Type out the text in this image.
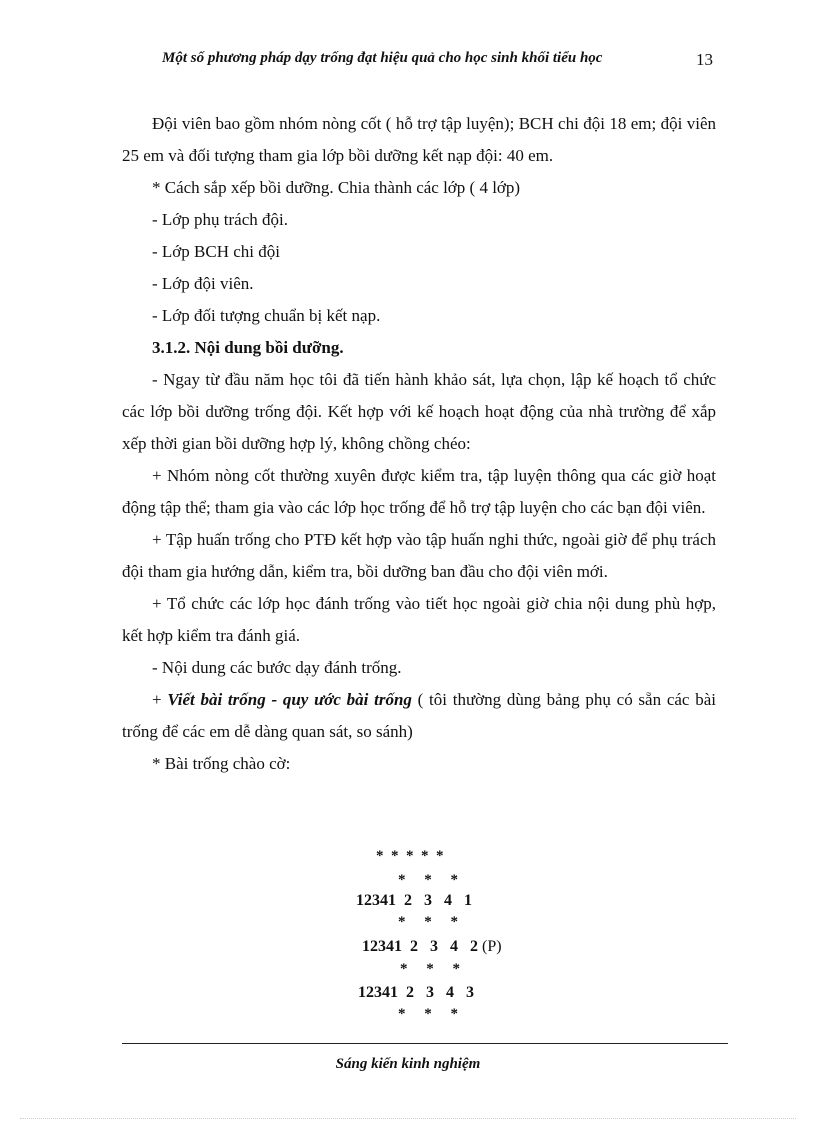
Một số phương pháp dạy trống đạt hiệu quả cho học sinh khối tiểu học	13

Đội viên bao gồm nhóm nòng cốt ( hỗ trợ tập luyện); BCH chi đội 18 em; đội viên 25 em và đối tượng tham gia lớp bồi dưỡng kết nạp đội: 40 em.

* Cách sắp xếp bồi dưỡng. Chia thành các lớp ( 4 lớp)

- Lớp phụ trách đội.

- Lớp BCH chi đội

- Lớp đội viên.

- Lớp đối tượng chuẩn bị kết nạp.

3.1.2. Nội dung bồi dưỡng.

- Ngay từ đầu năm học tôi đã tiến hành khảo sát, lựa chọn, lập kế hoạch tổ chức các lớp bồi dưỡng trống đội. Kết hợp với kế hoạch hoạt động của nhà trường để xắp xếp thời gian bồi dưỡng hợp lý, không chồng chéo:

+ Nhóm nòng cốt thường xuyên được kiểm tra, tập luyện thông qua các giờ hoạt động tập thể; tham gia vào các lớp học trống để hỗ trợ tập luyện cho các bạn đội viên.

+ Tập huấn trống cho PTĐ kết hợp vào tập huấn nghi thức, ngoài giờ để phụ trách đội tham gia hướng dẫn, kiểm tra, bồi dưỡng ban đầu cho đội viên mới.

+ Tổ chức các lớp học đánh trống vào tiết học ngoài giờ chia nội dung phù hợp, kết hợp kiểm tra đánh giá.

- Nội dung các bước dạy đánh trống.

+ Viết bài trống - quy ước bài trống ( tôi thường dùng bảng phụ có sẵn các bài trống để các em dễ dàng quan sát, so sánh)

* Bài trống chào cờ:

*  *  *  *  *
*     *     *
12341  2   3   4   1
*     *     *
12341  2   3   4   2 (P)
*     *     *
12341  2   3   4   3
*     *     *
Sáng kiến kinh nghiệm
